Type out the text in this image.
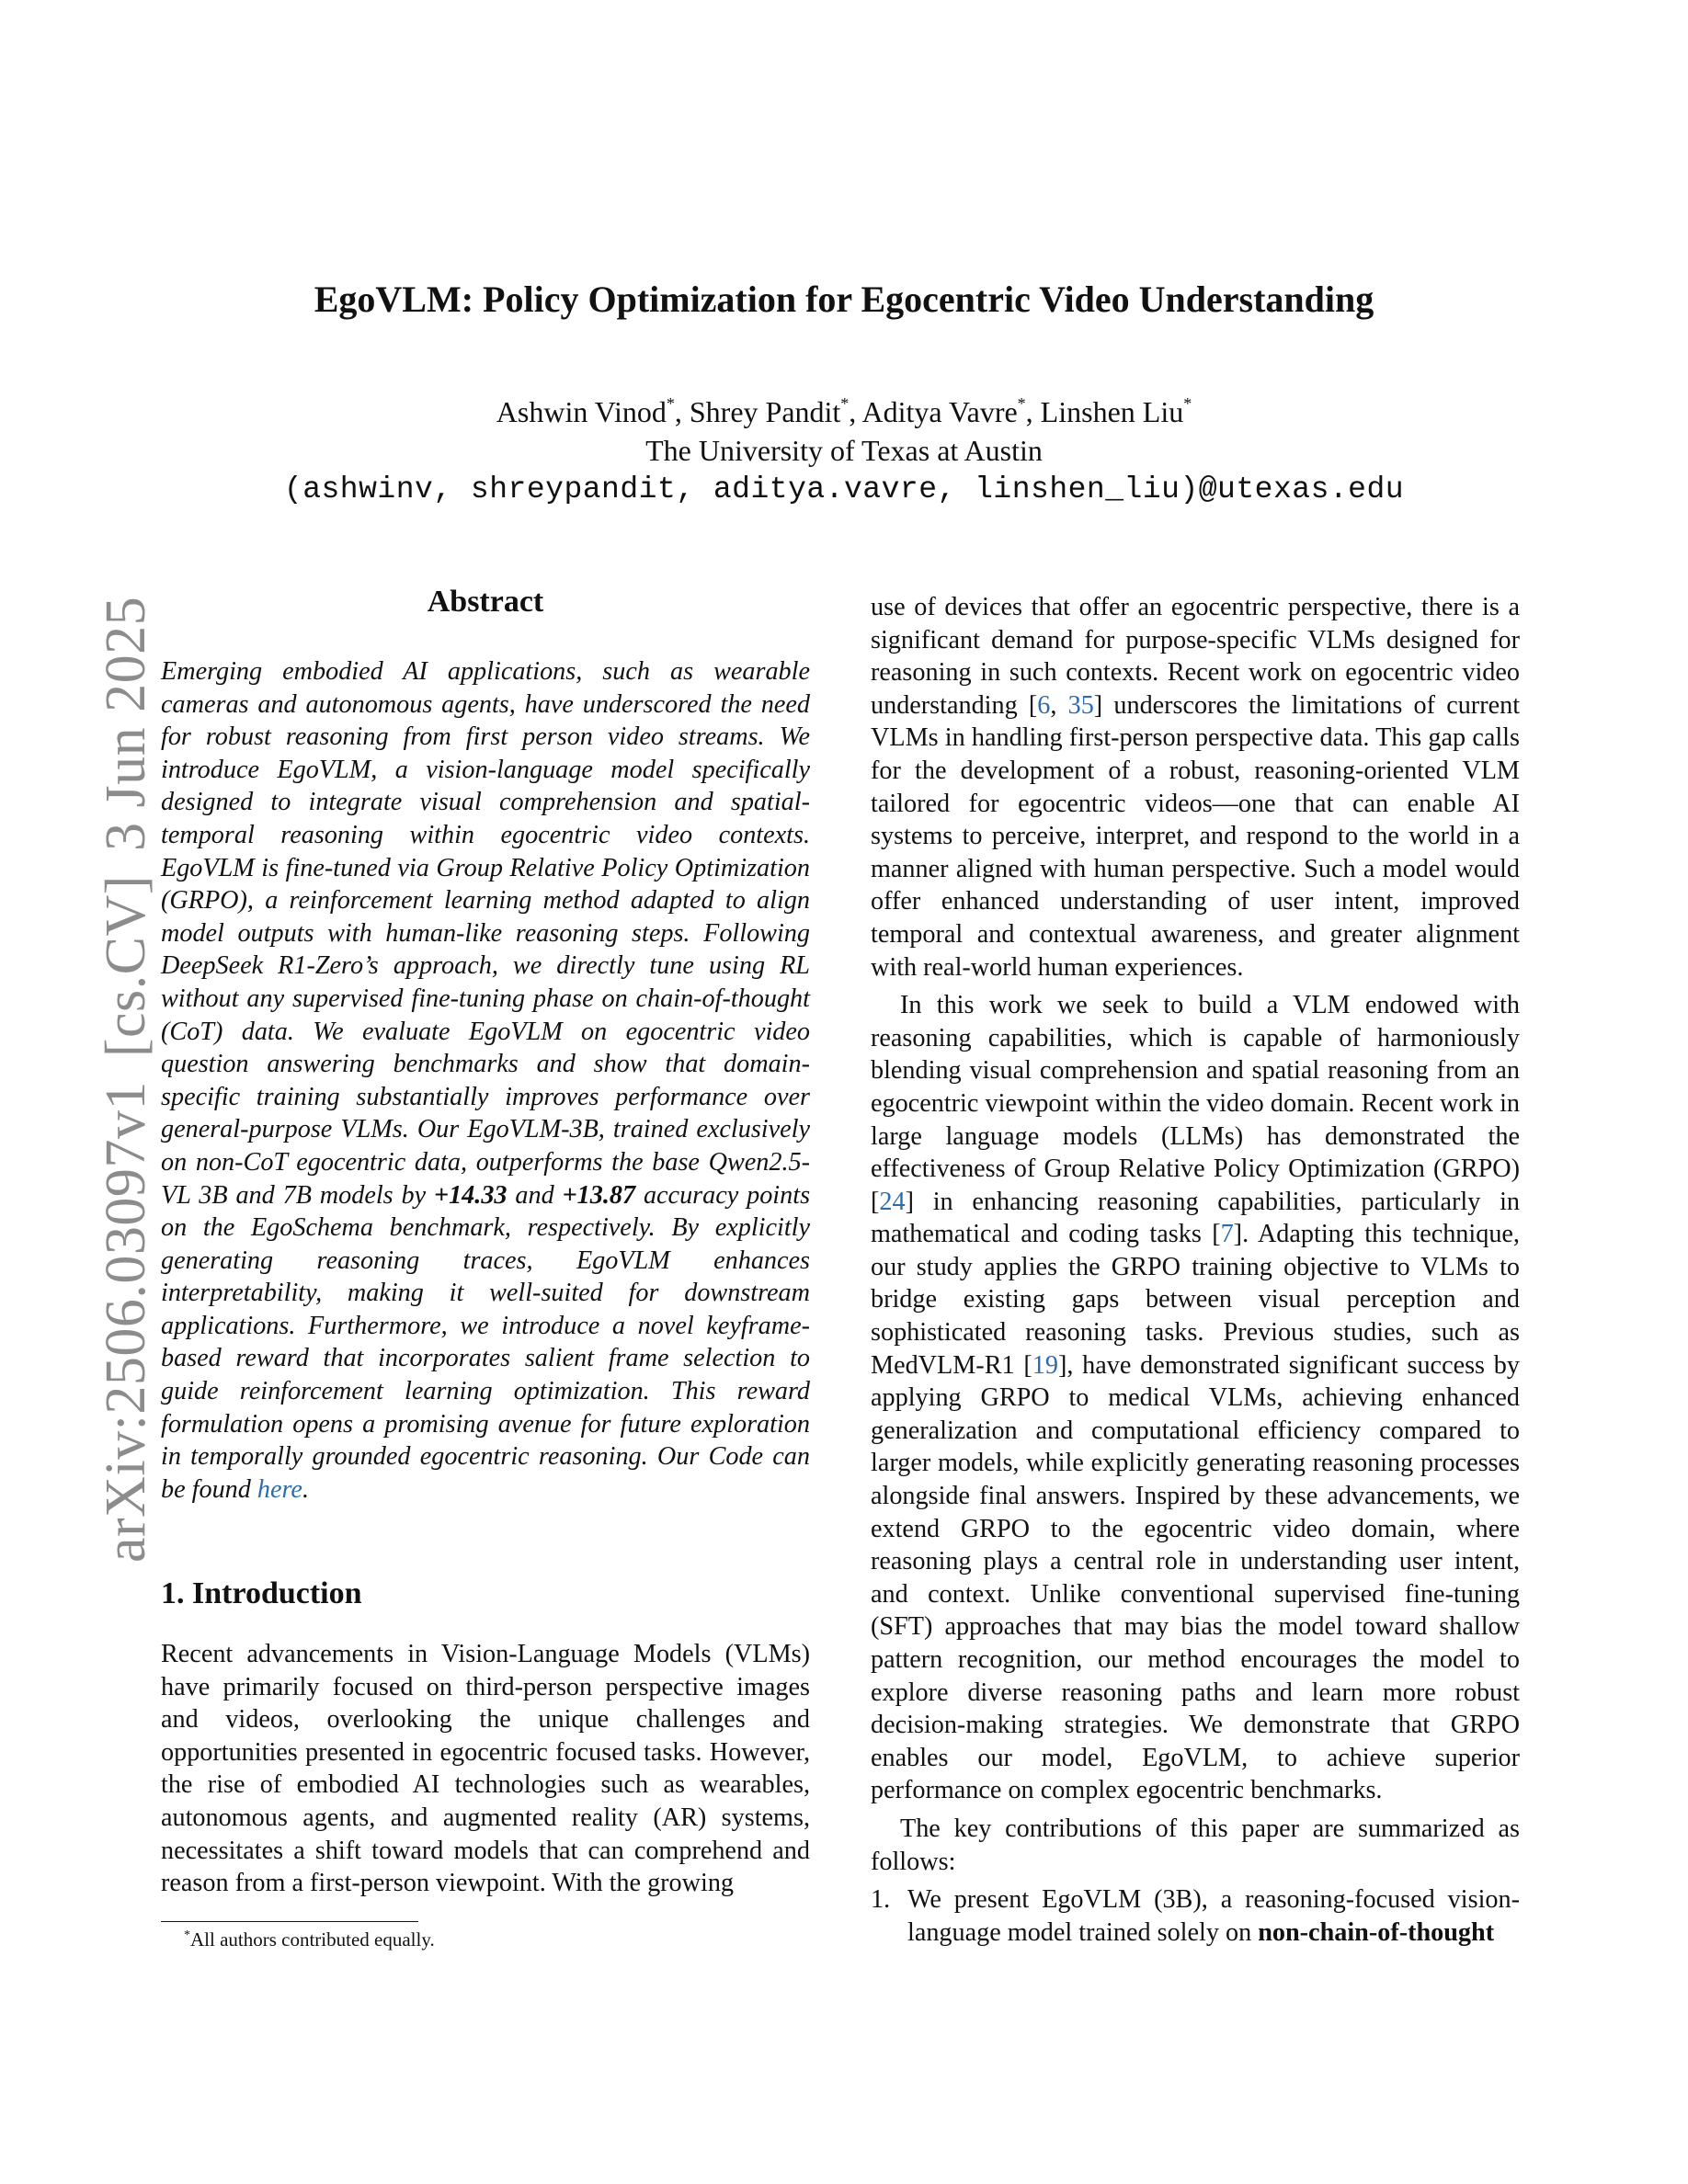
arXiv:2506.03097v1[cs.CV]3 Jun 2025
EgoVLM: Policy Optimization for Egocentric Video Understanding
Ashwin Vinod*, Shrey Pandit*, Aditya Vavre*, Linshen Liu*
The University of Texas at Austin
(ashwinv, shreypandit, aditya.vavre, linshen_liu)@utexas.edu
Abstract
Emerging embodied AI applications, such as wearable cameras and autonomous agents, have underscored the need for robust reasoning from first person video streams. We introduce EgoVLM, a vision-language model specifically designed to integrate visual comprehension and spatial-temporal reasoning within egocentric video contexts. EgoVLM is fine-tuned via Group Relative Policy Optimization (GRPO), a reinforcement learning method adapted to align model outputs with human-like reasoning steps. Following DeepSeek R1-Zero’s approach, we directly tune using RL without any supervised fine-tuning phase on chain-of-thought (CoT) data. We evaluate EgoVLM on egocentric video question answering benchmarks and show that domain-specific training substantially improves performance over general-purpose VLMs. Our EgoVLM-3B, trained exclusively on non-CoT egocentric data, outperforms the base Qwen2.5-VL 3B and 7B models by +14.33 and +13.87 accuracy points on the EgoSchema benchmark, respectively. By explicitly generating reasoning traces, EgoVLM enhances interpretability, making it well-suited for downstream applications. Furthermore, we introduce a novel keyframe-based reward that incorporates salient frame selection to guide reinforcement learning optimization. This reward formulation opens a promising avenue for future exploration in temporally grounded egocentric reasoning. Our Code can be found here.
1. Introduction
Recent advancements in Vision-Language Models (VLMs) have primarily focused on third-person perspective images and videos, overlooking the unique challenges and opportunities presented in egocentric focused tasks. However, the rise of embodied AI technologies such as wearables, autonomous agents, and augmented reality (AR) systems, necessitates a shift toward models that can comprehend and reason from a first-person viewpoint. With the growing
*All authors contributed equally.

use of devices that offer an egocentric perspective, there is a significant demand for purpose-specific VLMs designed for reasoning in such contexts. Recent work on egocentric video understanding [6, 35] underscores the limitations of current VLMs in handling first-person perspective data. This gap calls for the development of a robust, reasoning-oriented VLM tailored for egocentric videos—one that can enable AI systems to perceive, interpret, and respond to the world in a manner aligned with human perspective. Such a model would offer enhanced understanding of user intent, improved temporal and contextual awareness, and greater alignment with real-world human experiences.

In this work we seek to build a VLM endowed with reasoning capabilities, which is capable of harmoniously blending visual comprehension and spatial reasoning from an egocentric viewpoint within the video domain. Recent work in large language models (LLMs) has demonstrated the effectiveness of Group Relative Policy Optimization (GRPO) [24] in enhancing reasoning capabilities, particularly in mathematical and coding tasks [7]. Adapting this technique, our study applies the GRPO training objective to VLMs to bridge existing gaps between visual perception and sophisticated reasoning tasks. Previous studies, such as MedVLM-R1 [19], have demonstrated significant success by applying GRPO to medical VLMs, achieving enhanced generalization and computational efficiency compared to larger models, while explicitly generating reasoning processes alongside final answers. Inspired by these advancements, we extend GRPO to the egocentric video domain, where reasoning plays a central role in understanding user intent, and context. Unlike conventional supervised fine-tuning (SFT) approaches that may bias the model toward shallow pattern recognition, our method encourages the model to explore diverse reasoning paths and learn more robust decision-making strategies. We demonstrate that GRPO enables our model, EgoVLM, to achieve superior performance on complex egocentric benchmarks.

The key contributions of this paper are summarized as follows:

1. We present EgoVLM (3B), a reasoning-focused vision-language model trained solely on non-chain-of-thought
